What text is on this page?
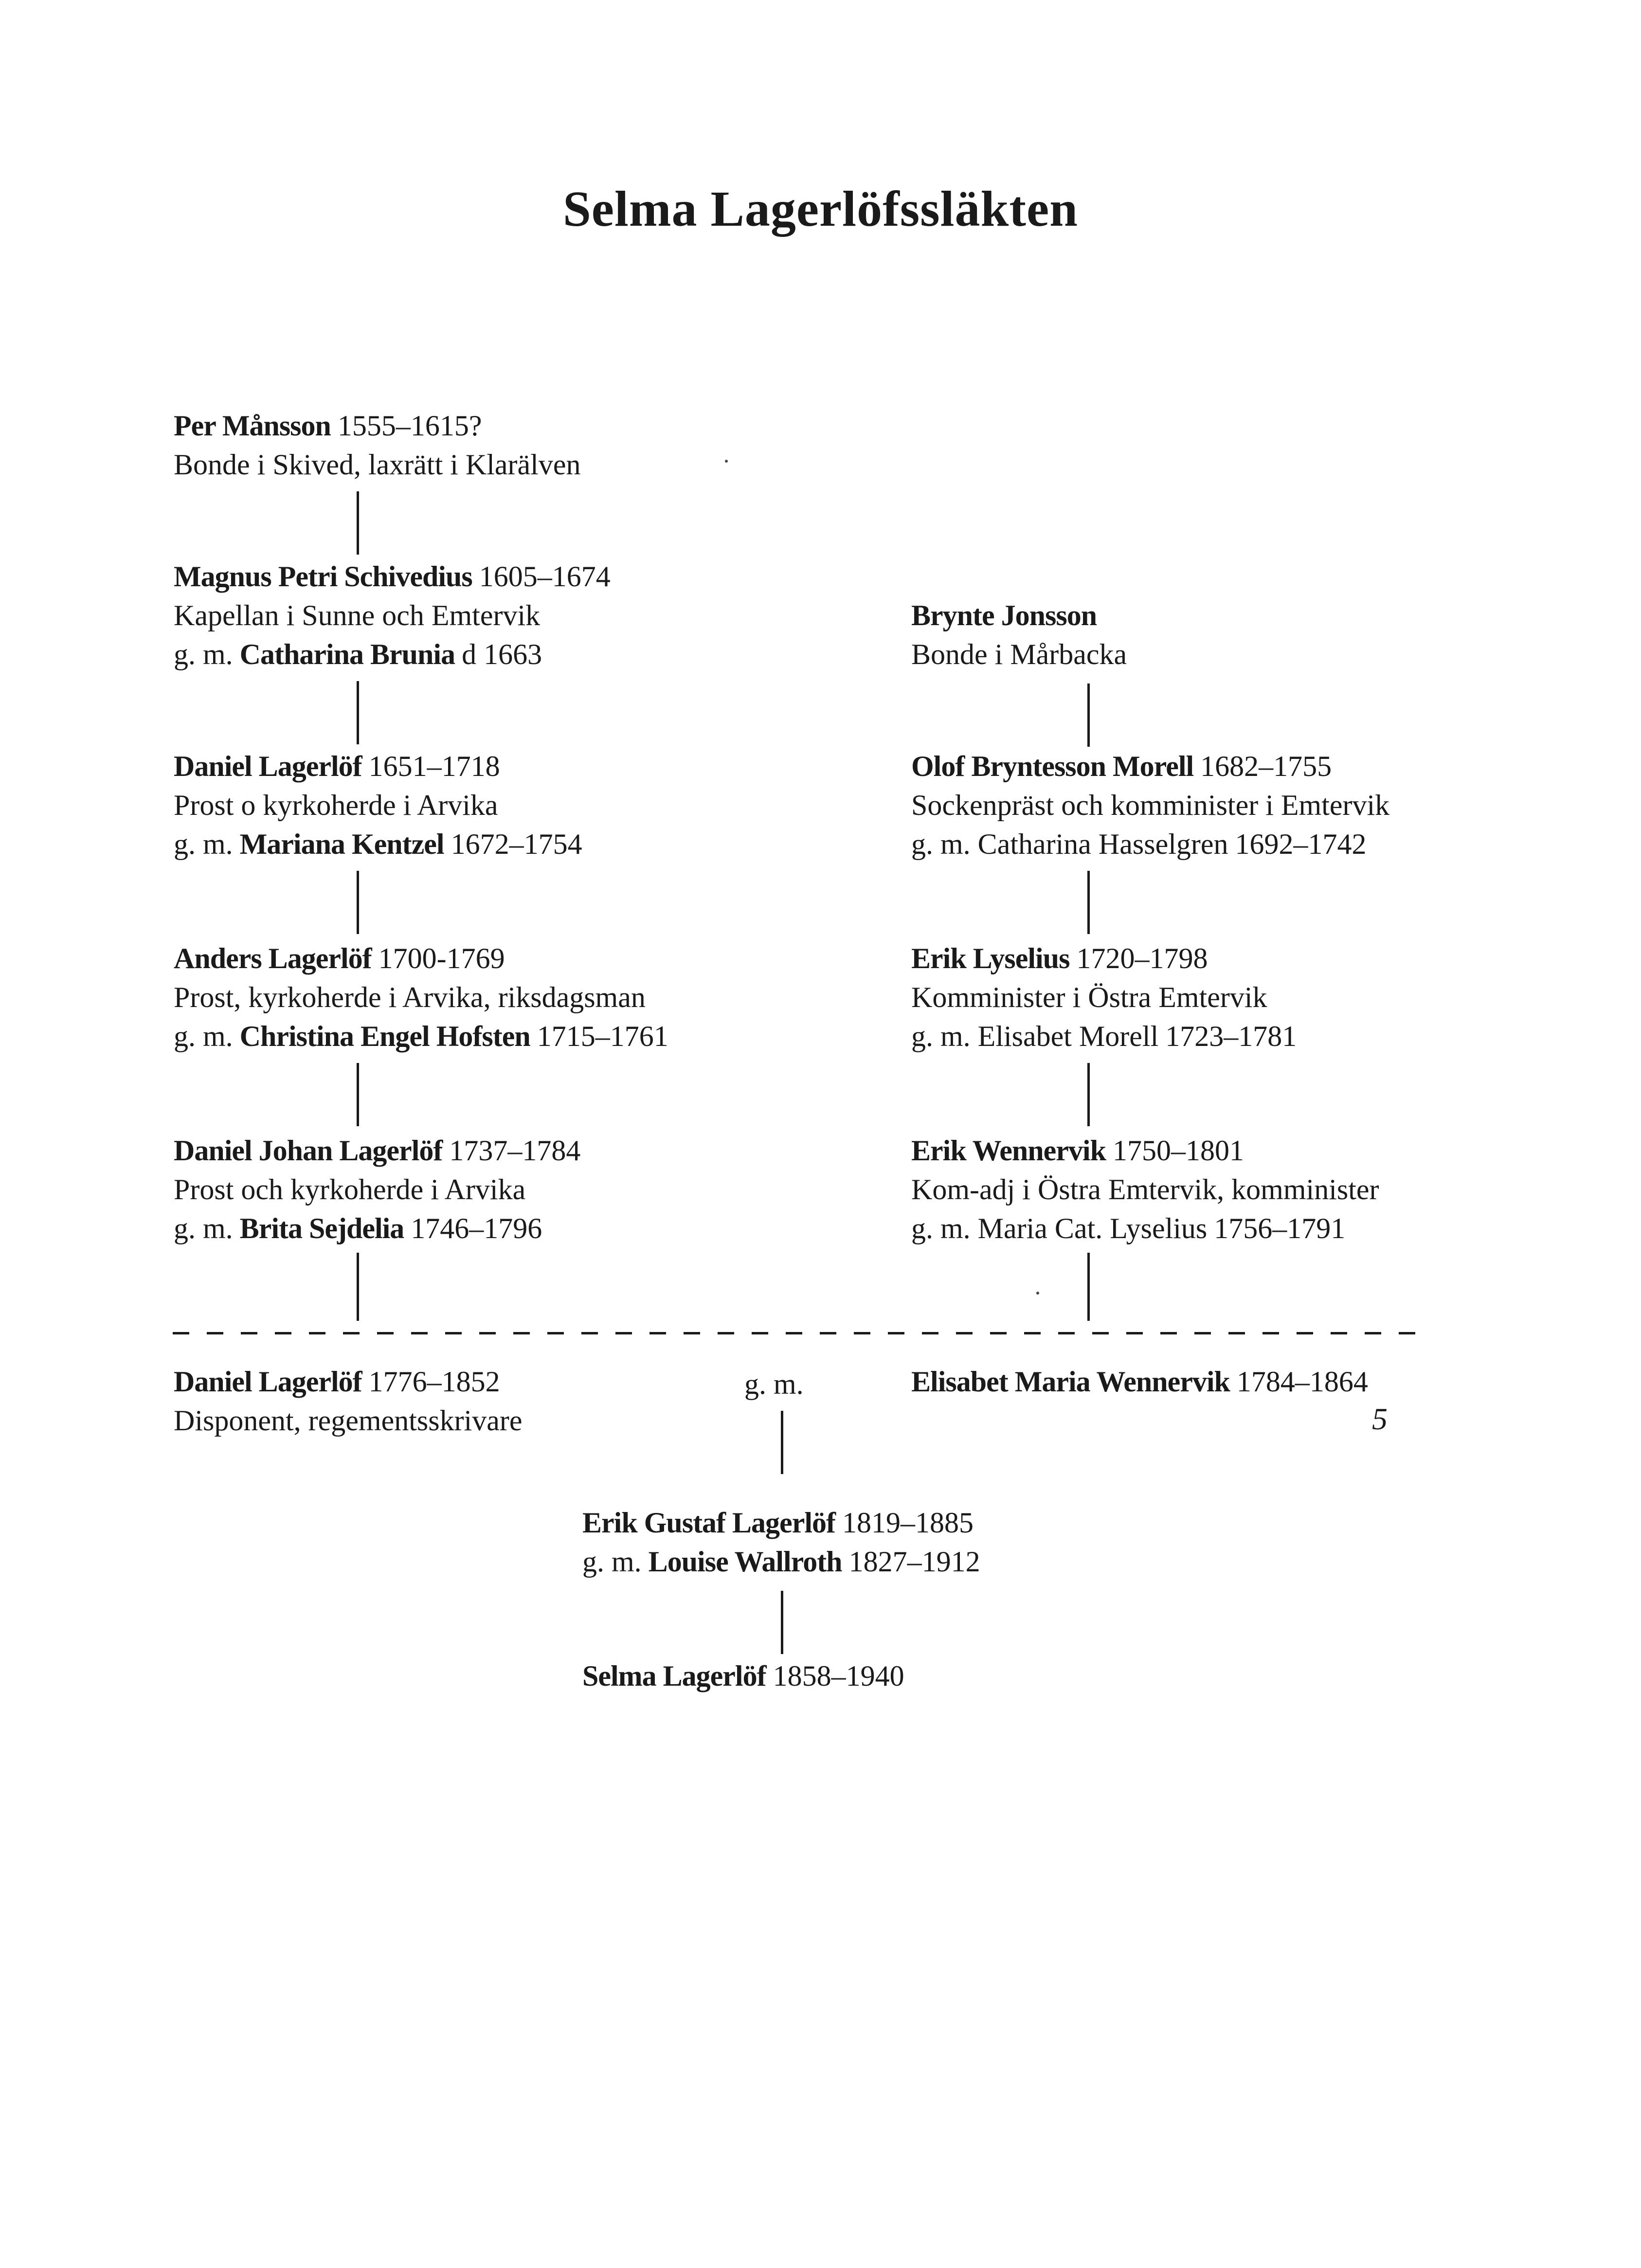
Selma Lagerlöfssläkten
Per Månsson 1555–1615?
Bonde i Skived, laxrätt i Klarälven
Magnus Petri Schivedius 1605–1674
Kapellan i Sunne och Emtervik
g. m. Catharina Brunia d 1663
Daniel Lagerlöf 1651–1718
Prost o kyrkoherde i Arvika
g. m. Mariana Kentzel 1672–1754
Anders Lagerlöf 1700-1769
Prost, kyrkoherde i Arvika, riksdagsman
g. m. Christina Engel Hofsten 1715–1761
Daniel Johan Lagerlöf 1737–1784
Prost och kyrkoherde i Arvika
g. m. Brita Sejdelia 1746–1796
Brynte Jonsson
Bonde i Mårbacka
Olof Bryntesson Morell 1682–1755
Sockenpräst och komminister i Emtervik
g. m. Catharina Hasselgren 1692–1742
Erik Lyselius 1720–1798
Komminister i Östra Emtervik
g. m. Elisabet Morell 1723–1781
Erik Wennervik 1750–1801
Kom-adj i Östra Emtervik, komminister
g. m. Maria Cat. Lyselius 1756–1791
Daniel Lagerlöf 1776–1852
Disponent, regementsskrivare
g. m.	Elisabet Maria Wennervik 1784–1864
5
Erik Gustaf Lagerlöf 1819–1885
g. m. Louise Wallroth 1827–1912
Selma Lagerlöf 1858–1940
